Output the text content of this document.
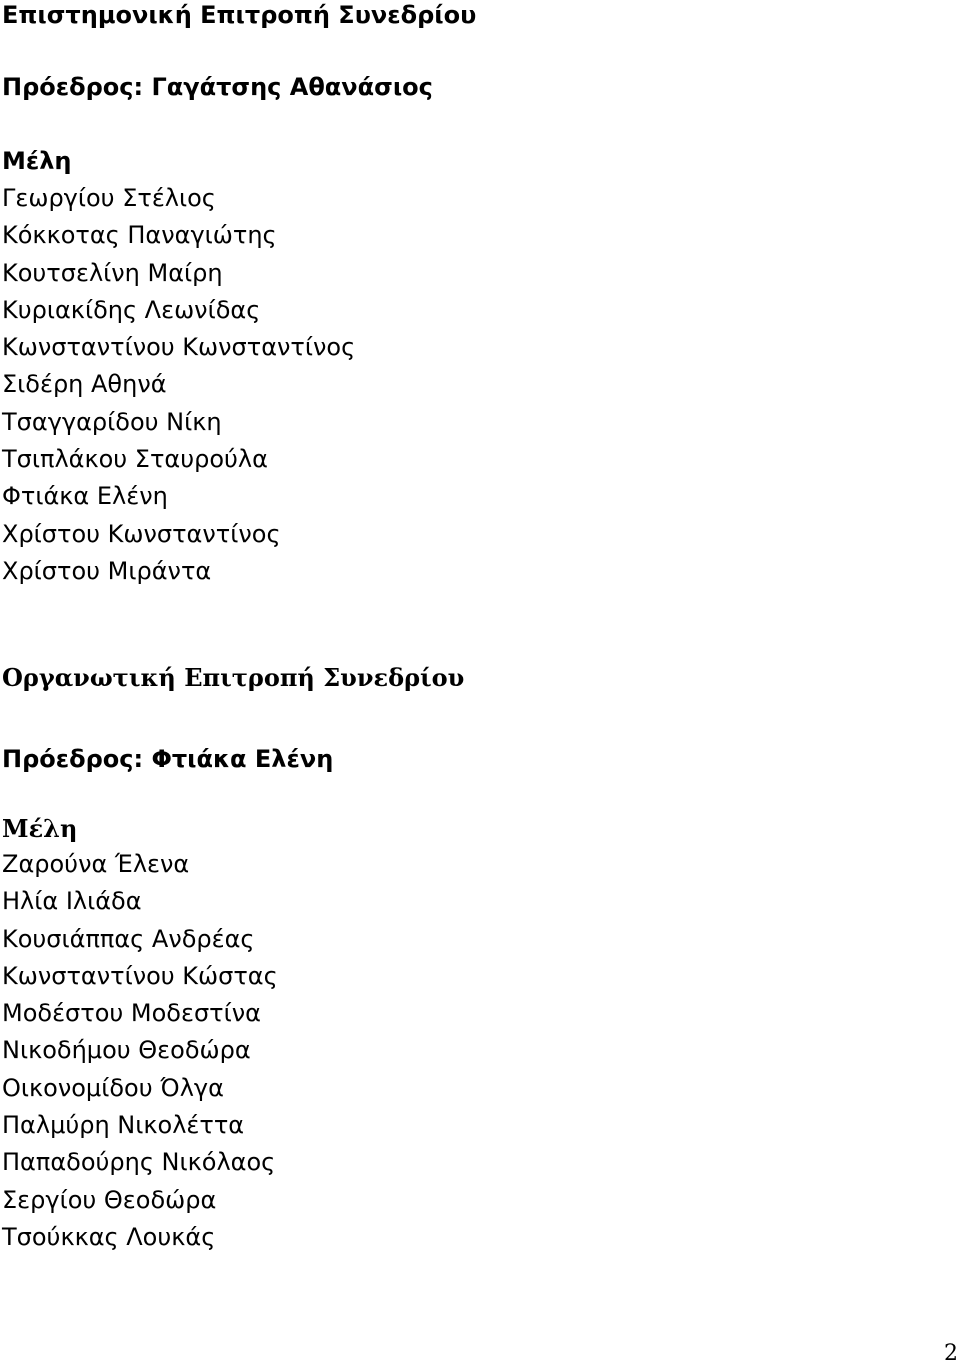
Επιστημονική Επιτροπή Συνεδρίου
Πρόεδρος: Γαγάτσης Αθανάσιος
Μέλη
Γεωργίου Στέλιος
Κόκκοτας Παναγιώτης
Κουτσελίνη Μαίρη
Κυριακίδης Λεωνίδας
Κωνσταντίνου Κωνσταντίνος
Σιδέρη Αθηνά
Τσαγγαρίδου Νίκη
Τσιπλάκου Σταυρούλα
Φτιάκα Ελένη
Χρίστου Κωνσταντίνος
Χρίστου Μιράντα
Οργανωτική Επιτροπή Συνεδρίου
Πρόεδρος: Φτιάκα Ελένη
Μέλη
Ζαρούνα Έλενα
Ηλία Ιλιάδα
Κουσιάππας Ανδρέας
Κωνσταντίνου Κώστας
Μοδέστου Μοδεστίνα
Νικοδήμου Θεοδώρα
Οικονομίδου Όλγα
Παλμύρη Νικολέττα
Παπαδούρης Νικόλαος
Σεργίου Θεοδώρα
Τσούκκας Λουκάς
2
